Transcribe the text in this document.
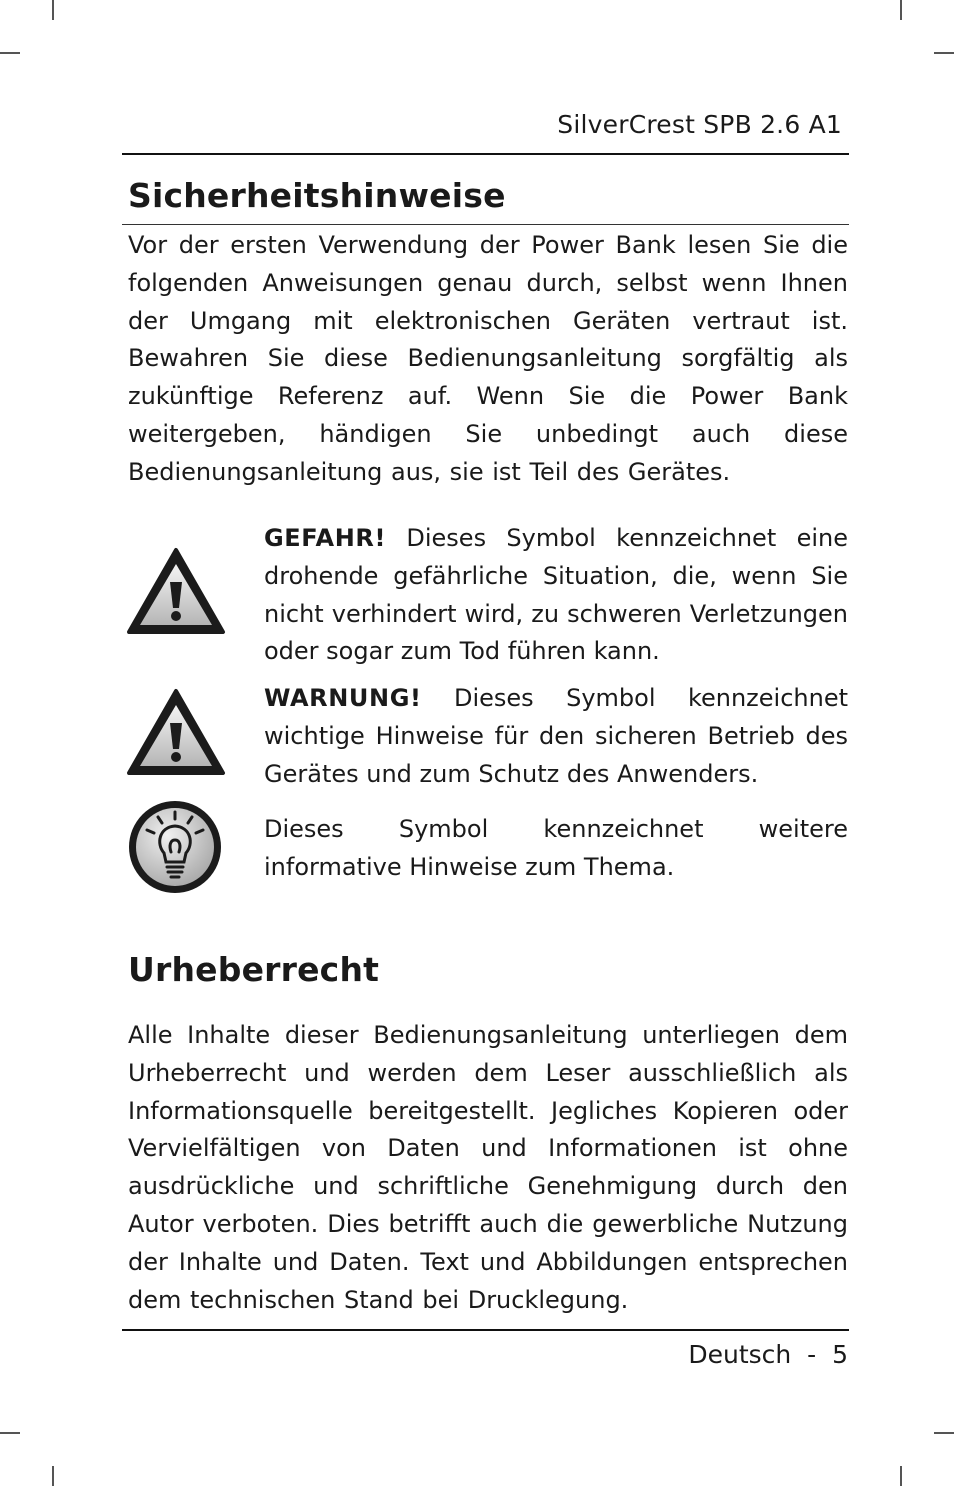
SilverCrest SPB 2.6 A1
Sicherheitshinweise

Vor der ersten Verwendung der Power Bank lesen Sie die folgenden Anweisungen genau durch, selbst wenn Ihnen der Umgang mit elektronischen Geräten vertraut ist. Bewahren Sie diese Bedienungsanleitung sorgfältig als zukünftige Referenz auf. Wenn Sie die Power Bank weitergeben, händigen Sie unbedingt auch diese Bedienungsanleitung aus, sie ist Teil des Gerätes.

GEFAHR! Dieses Symbol kennzeichnet eine drohende gefährliche Situation, die, wenn Sie nicht verhindert wird, zu schweren Verletzungen oder sogar zum Tod führen kann.

WARNUNG! Dieses Symbol kennzeichnet wichtige Hinweise für den sicheren Betrieb des Gerätes und zum Schutz des Anwenders.

Dieses Symbol kennzeichnet weitere informative Hinweise zum Thema.

Urheberrecht

Alle Inhalte dieser Bedienungsanleitung unterliegen dem Urheberrecht und werden dem Leser ausschließlich als Informationsquelle bereitgestellt. Jegliches Kopieren oder Vervielfältigen von Daten und Informationen ist ohne ausdrückliche und schriftliche Genehmigung durch den Autor verboten. Dies betrifft auch die gewerbliche Nutzung der Inhalte und Daten. Text und Abbildungen entsprechen dem technischen Stand bei Drucklegung.

Deutsch - 5
